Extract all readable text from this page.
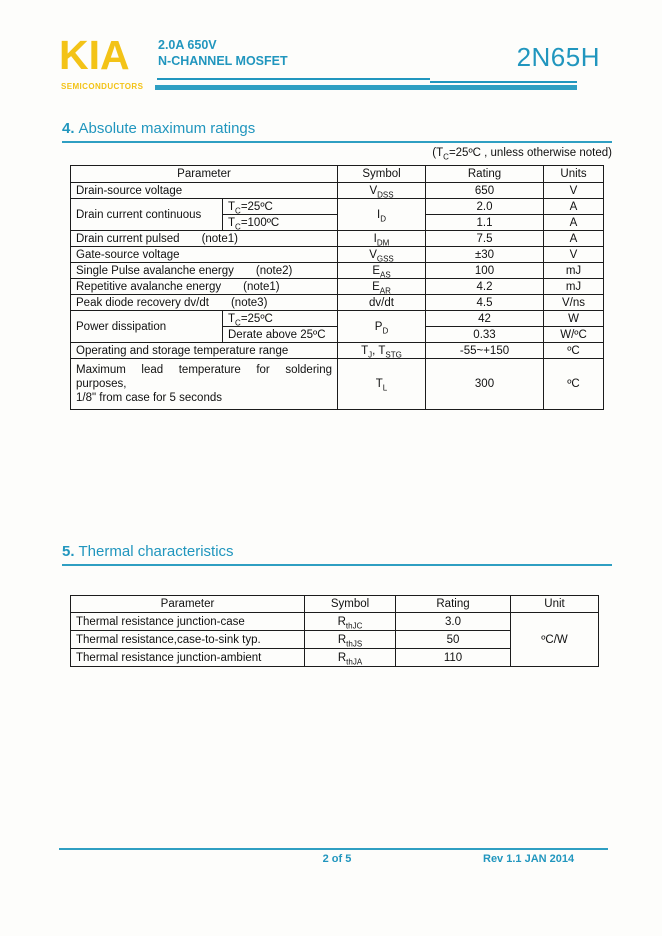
KIA
SEMICONDUCTORS
2.0A 650V
N-CHANNEL MOSFET	2N65H
4. Absolute maximum ratings
($T_C=25ºC$ , unless otherwise noted)
Parameter		Symbol	Rating	Units
Drain-source voltage		$V_{DSS}$	650	V
Drain current continuous	$T_C=25ºC$	$I_D$	2.0	A
	$T_C=100ºC$		1.1	A
Drain current pulsed (note1)		$I_{DM}$	7.5	A
Gate-source voltage		$V_{GSS}$	±30	V
Single Pulse avalanche energy (note2)		$E_{AS}$	100	mJ
Repetitive avalanche energy (note1)		$E_{AR}$	4.2	mJ
Peak diode recovery dv/dt (note3)		dv/dt	4.5	V/ns
Power dissipation	$T_C=25ºC$	$P_D$	42	W
	Derate above 25ºC		0.33	W/ºC
Operating and storage temperature range		$T_J$, $T_{STG}$	-55~+150	ºC

Maximum lead temperature for soldering
purposes,
1/8" from case for 5 seconds		$T_L$	300	ºC
5. Thermal characteristics
Parameter	Symbol	Rating	Unit
Thermal resistance junction-case	$R_{thJC}$	3.0	ºC/W
Thermal resistance,case-to-sink typ.	$R_{thJS}$	50	
Thermal resistance junction-ambient	$R_{thJA}$	110	
2 of 5	Rev 1.1 JAN 2014
